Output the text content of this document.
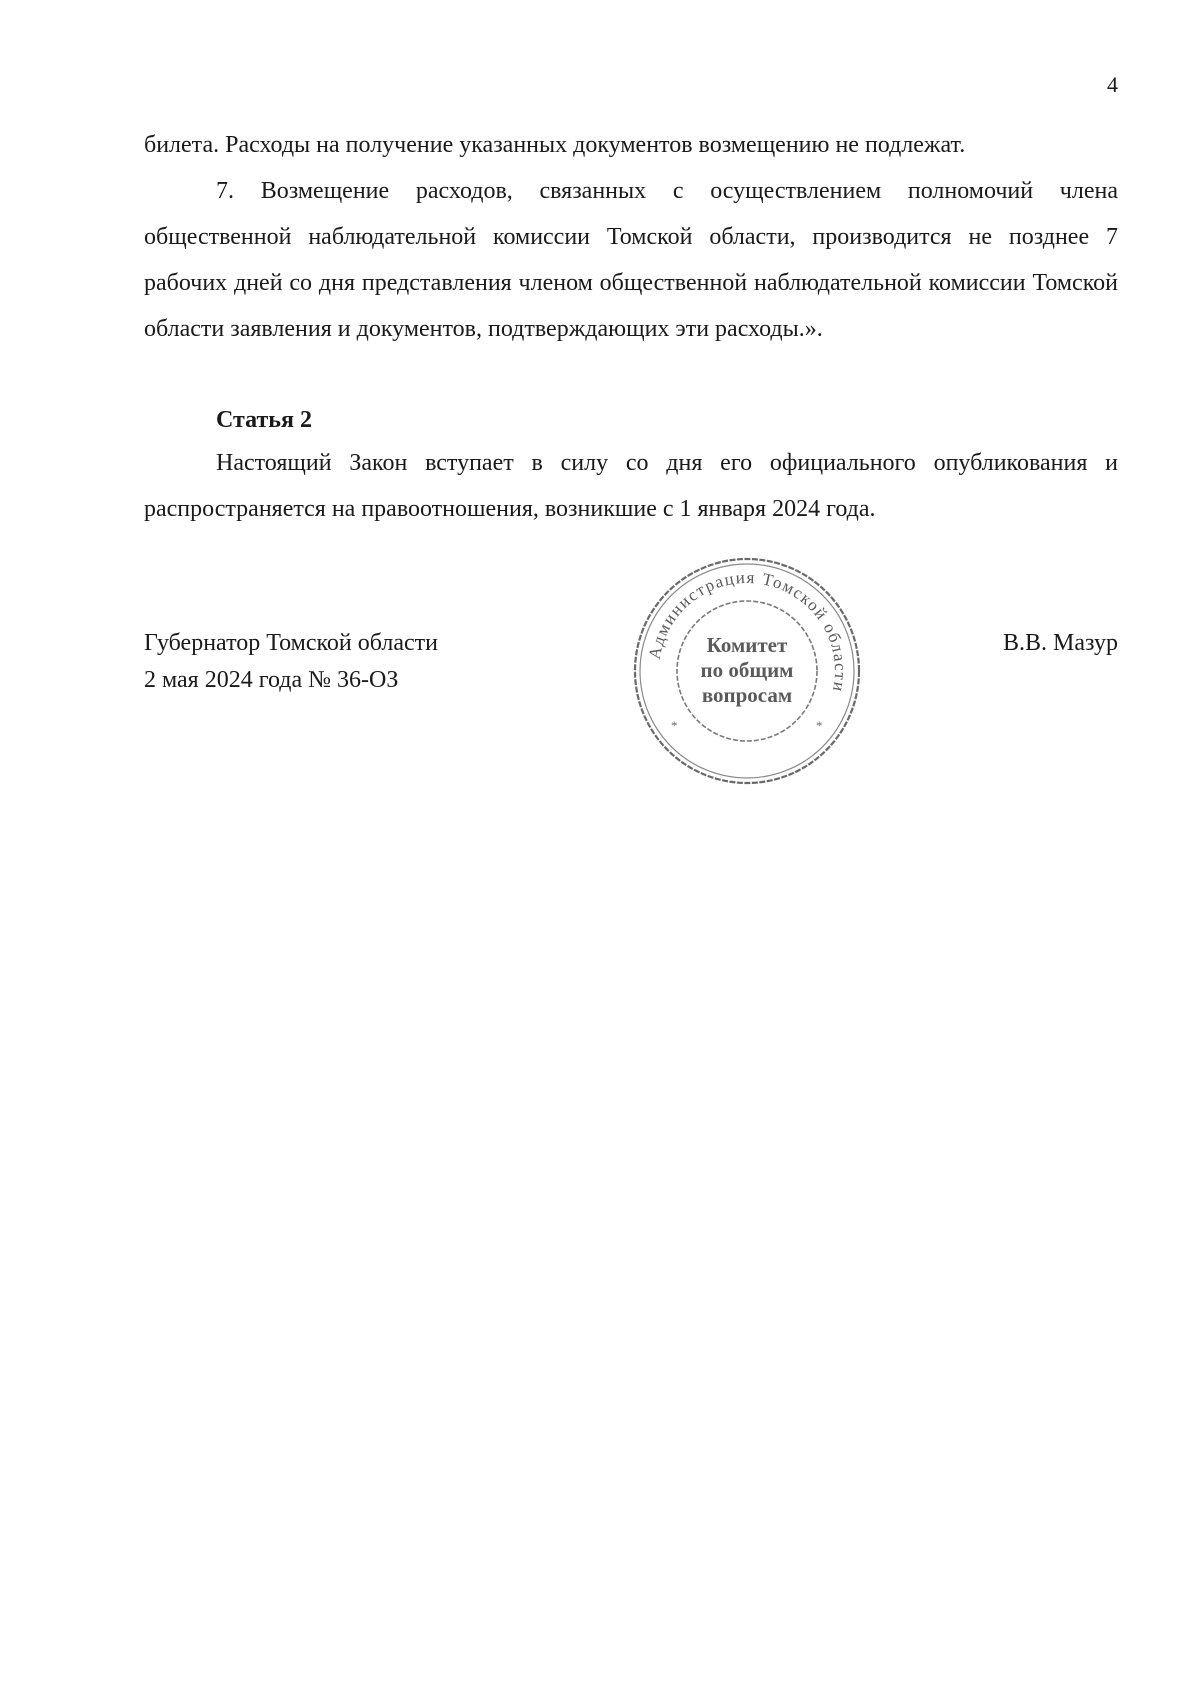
4

билета. Расходы на получение указанных документов возмещению не подлежат.

7. Возмещение расходов, связанных с осуществлением полномочий члена общественной наблюдательной комиссии Томской области, производится не позднее 7 рабочих дней со дня представления членом общественной наблюдательной комиссии Томской области заявления и документов, подтверждающих эти расходы.».

Статья 2

Настоящий Закон вступает в силу со дня его официального опубликования и распространяется на правоотношения, возникшие с 1 января 2024 года.

Губернатор Томской области
2 мая 2024 года № 36-ОЗ
В.В. Мазур
Администрация Томской области
*	*
Комитет
по общим
вопросам
